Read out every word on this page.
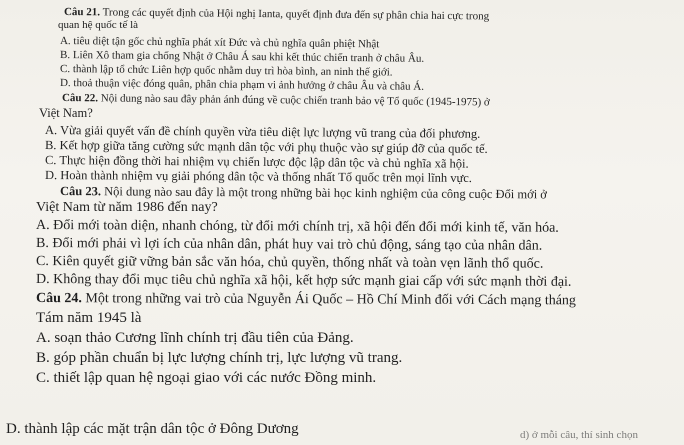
Câu 21. Trong các quyết định của Hội nghị Ianta, quyết định đưa đến sự phân chia hai cực trong
quan hệ quốc tế là
A. tiêu diệt tận gốc chủ nghĩa phát xít Đức và chủ nghĩa quân phiệt Nhật
B. Liên Xô tham gia chống Nhật ở Châu Á sau khi kết thúc chiến tranh ở châu Âu.
C. thành lập tổ chức Liên hợp quốc nhằm duy trì hòa bình, an ninh thế giới.
D. thoả thuận việc đóng quân, phân chia phạm vi ảnh hưởng ở châu Âu và châu Á.
Câu 22. Nội dung nào sau đây phản ánh đúng về cuộc chiến tranh bảo vệ Tổ quốc (1945-1975) ở
Việt Nam?
A. Vừa giải quyết vấn đề chính quyền vừa tiêu diệt lực lượng vũ trang của đối phương.
B. Kết hợp giữa tăng cường sức mạnh dân tộc với phụ thuộc vào sự giúp đỡ của quốc tế.
C. Thực hiện đồng thời hai nhiệm vụ chiến lược độc lập dân tộc và chủ nghĩa xã hội.
D. Hoàn thành nhiệm vụ giải phóng dân tộc và thống nhất Tổ quốc trên mọi lĩnh vực.
Câu 23. Nội dung nào sau đây là một trong những bài học kinh nghiệm của công cuộc Đổi mới ở
Việt Nam từ năm 1986 đến nay?
A. Đổi mới toàn diện, nhanh chóng, từ đổi mới chính trị, xã hội đến đổi mới kinh tế, văn hóa.
B. Đổi mới phải vì lợi ích của nhân dân, phát huy vai trò chủ động, sáng tạo của nhân dân.
C. Kiên quyết giữ vững bản sắc văn hóa, chủ quyền, thống nhất và toàn vẹn lãnh thổ quốc.
D. Không thay đổi mục tiêu chủ nghĩa xã hội, kết hợp sức mạnh giai cấp với sức mạnh thời đại.
Câu 24. Một trong những vai trò của Nguyễn Ái Quốc – Hồ Chí Minh đối với Cách mạng tháng
Tám năm 1945 là
A. soạn thảo Cương lĩnh chính trị đầu tiên của Đảng.
B. góp phần chuẩn bị lực lượng chính trị, lực lượng vũ trang.
C. thiết lập quan hệ ngoại giao với các nước Đồng minh.
D. thành lập các mặt trận dân tộc ở Đông Dương	d) ở mỗi câu, thí sinh chọn
